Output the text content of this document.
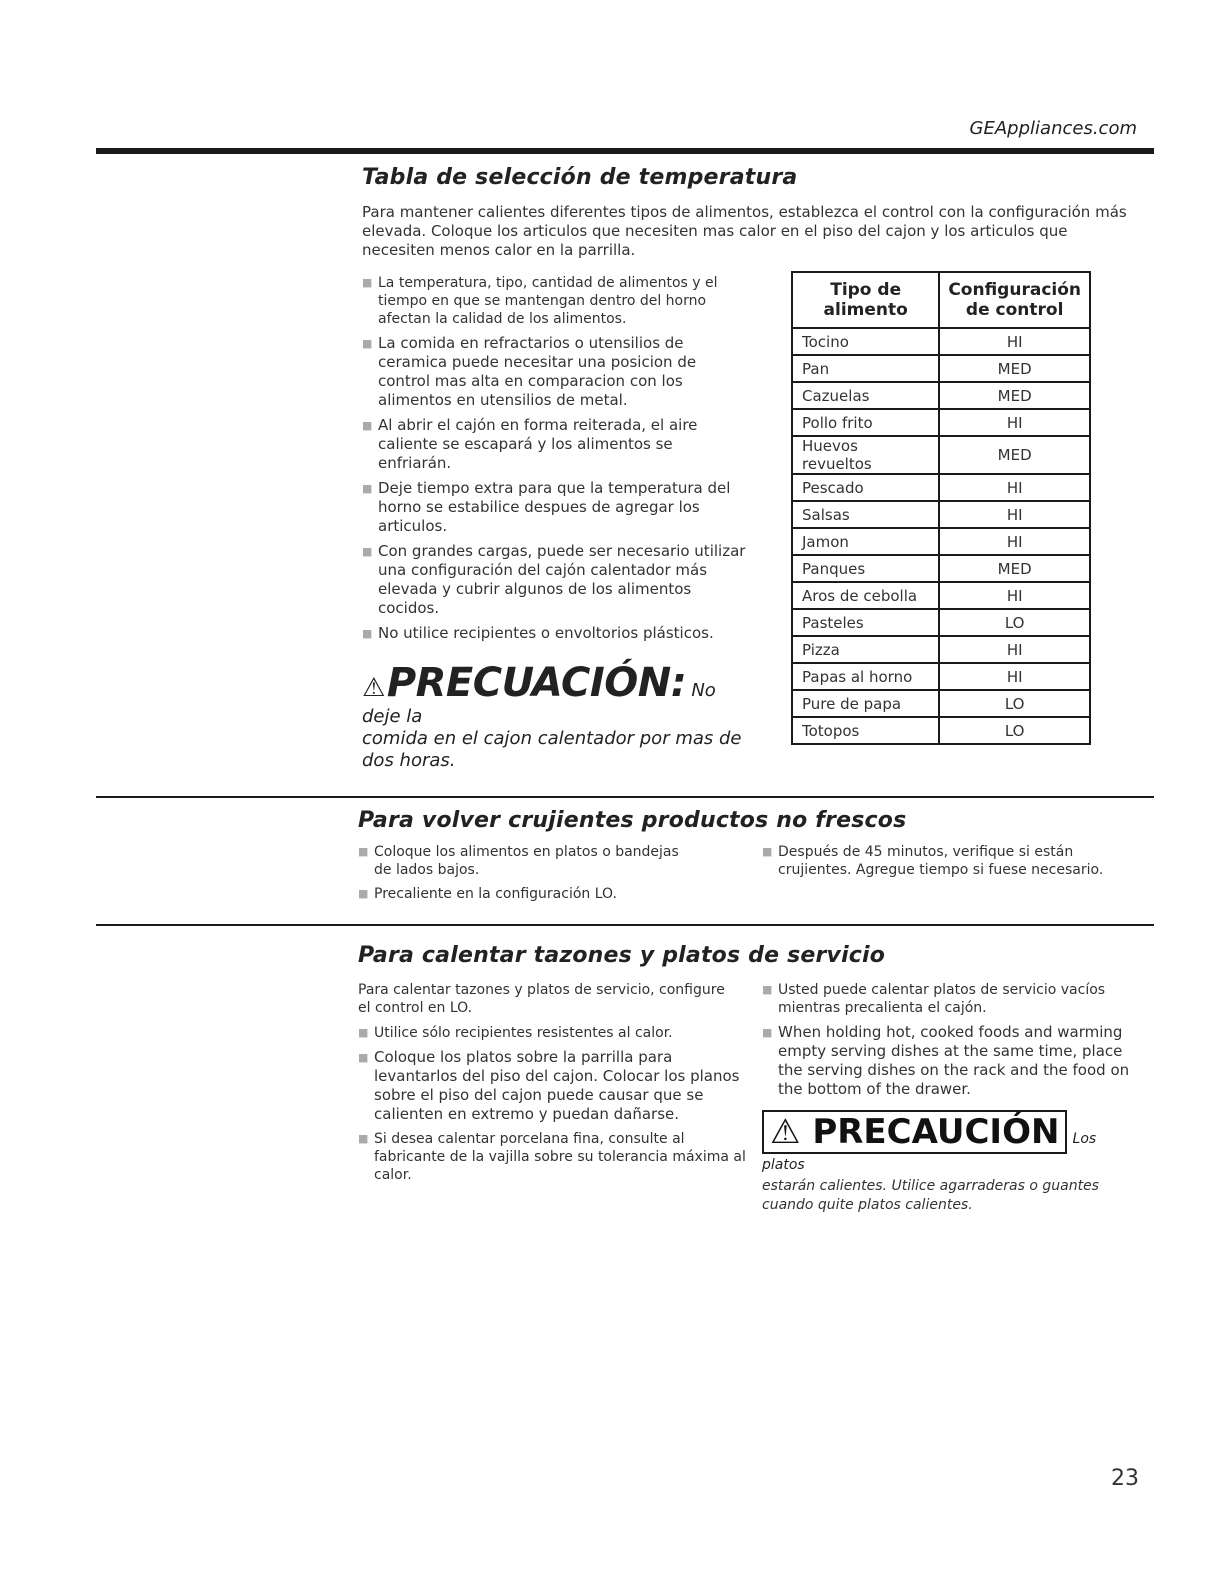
GEAppliances.com
Tabla de selección de temperatura
Para mantener calientes diferentes tipos de alimentos, establezca el control con la configuración más elevada. Coloque los articulos que necesiten mas calor en el piso del cajon y los articulos que necesiten menos calor en la parrilla.
■ La temperatura, tipo, cantidad de alimentos y el tiempo en que se mantengan dentro del horno afectan la calidad de los alimentos.
■ La comida en refractarios o utensilios de ceramica puede necesitar una posicion de control mas alta en comparacion con los alimentos en utensilios de metal.
■ Al abrir el cajón en forma reiterada, el aire caliente se escapará y los alimentos se enfriarán.
■ Deje tiempo extra para que la temperatura del horno se estabilice despues de agregar los articulos.
■ Con grandes cargas, puede ser necesario utilizar una configuración del cajón calentador más elevada y cubrir algunos de los alimentos cocidos.
■ No utilice recipientes o envoltorios plásticos.
⚠PRECUACIÓN: No deje la
comida en el cajon calentador por mas de dos horas.
Tipo de alimento	Configuración de control
Tocino	HI
Pan	MED
Cazuelas	MED
Pollo frito	HI
Huevos revueltos	MED
Pescado	HI
Salsas	HI
Jamon	HI
Panques	MED
Aros de cebolla	HI
Pasteles	LO
Pizza	HI
Papas al horno	HI
Pure de papa	LO
Totopos	LO
Para volver crujientes productos no frescos
■ Coloque los alimentos en platos o bandejas de lados bajos.
■ Precaliente en la configuración LO.
■ Después de 45 minutos, verifique si están crujientes. Agregue tiempo si fuese necesario.
Para calentar tazones y platos de servicio
Para calentar tazones y platos de servicio, configure el control en LO.
■ Utilice sólo recipientes resistentes al calor.
■ Coloque los platos sobre la parrilla para levantarlos del piso del cajon. Colocar los planos sobre el piso del cajon puede causar que se calienten en extremo y puedan dañarse.
■ Si desea calentar porcelana fina, consulte al fabricante de la vajilla sobre su tolerancia máxima al calor.
■ Usted puede calentar platos de servicio vacíos mientras precalienta el cajón.
■ When holding hot, cooked foods and warming empty serving dishes at the same time, place the serving dishes on the rack and the food on the bottom of the drawer.
⚠ PRECAUCIÓN Los platos
estarán calientes. Utilice agarraderas o guantes cuando quite platos calientes.
23
